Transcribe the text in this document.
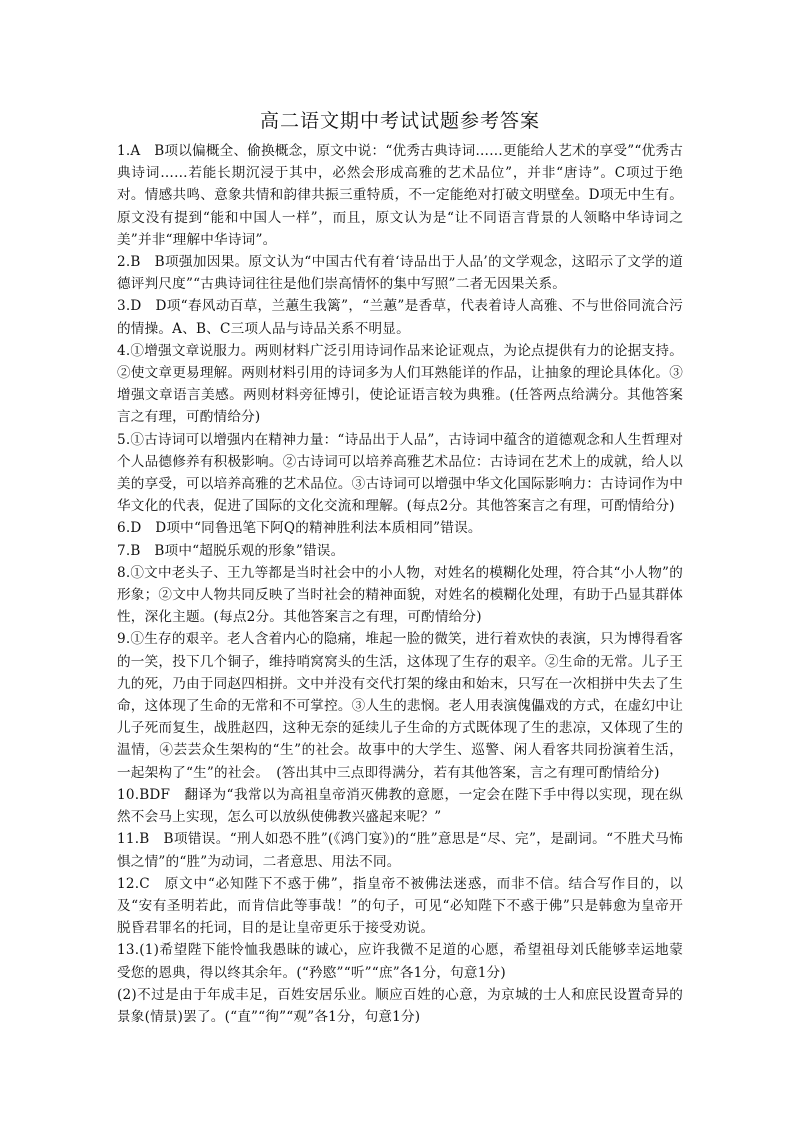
高二语文期中考试试题参考答案

1.A　B项以偏概全、偷换概念，原文中说：“优秀古典诗词……更能给人艺术的享受”“优秀古典诗词……若能长期沉浸于其中，必然会形成高雅的艺术品位”，并非“唐诗”。C项过于绝对。情感共鸣、意象共情和韵律共振三重特质，不一定能绝对打破文明壁垒。D项无中生有。原文没有提到“能和中国人一样”，而且，原文认为是“让不同语言背景的人领略中华诗词之美”并非“理解中华诗词”。

2.B　B项强加因果。原文认为“中国古代有着‘诗品出于人品’的文学观念，这昭示了文学的道德评判尺度”“古典诗词往往是他们崇高情怀的集中写照”二者无因果关系。

3.D　D项“春风动百草，兰蕙生我篱”，“兰蕙”是香草，代表着诗人高雅、不与世俗同流合污的情操。A、B、C三项人品与诗品关系不明显。

4.①增强文章说服力。两则材料广泛引用诗词作品来论证观点，为论点提供有力的论据支持。②使文章更易理解。两则材料引用的诗词多为人们耳熟能详的作品，让抽象的理论具体化。③增强文章语言美感。两则材料旁征博引，使论证语言较为典雅。(任答两点给满分。其他答案言之有理，可酌情给分)

5.①古诗词可以增强内在精神力量：“诗品出于人品”，古诗词中蕴含的道德观念和人生哲理对个人品德修养有积极影响。②古诗词可以培养高雅艺术品位：古诗词在艺术上的成就，给人以美的享受，可以培养高雅的艺术品位。③古诗词可以增强中华文化国际影响力：古诗词作为中华文化的代表，促进了国际的文化交流和理解。(每点2分。其他答案言之有理，可酌情给分)

6.D　D项中“同鲁迅笔下阿Q的精神胜利法本质相同”错误。

7.B　B项中“超脱乐观的形象”错误。

8.①文中老头子、王九等都是当时社会中的小人物，对姓名的模糊化处理，符合其“小人物”的形象；②文中人物共同反映了当时社会的精神面貌，对姓名的模糊化处理，有助于凸显其群体性，深化主题。(每点2分。其他答案言之有理，可酌情给分)

9.①生存的艰辛。老人含着内心的隐痛，堆起一脸的微笑，进行着欢快的表演，只为博得看客的一笑，投下几个铜子，维持哨窝窝头的生活，这体现了生存的艰辛。②生命的无常。儿子王九的死，乃由于同赵四相拼。文中并没有交代打架的缘由和始末，只写在一次相拼中失去了生命，这体现了生命的无常和不可掌控。③人生的悲悯。老人用表演傀儡戏的方式，在虚幻中让儿子死而复生，战胜赵四，这种无奈的延续儿子生命的方式既体现了生的悲凉，又体现了生的温情，④芸芸众生架构的“生”的社会。故事中的大学生、巡警、闲人看客共同扮演着生活，一起架构了“生”的社会。　(答出其中三点即得满分，若有其他答案，言之有理可酌情给分)

10.BDF　翻译为“我常以为高祖皇帝消灭佛教的意愿，一定会在陛下手中得以实现，现在纵然不会马上实现，怎么可以放纵使佛教兴盛起来呢？”

11.B　B项错误。“刑人如恐不胜”(《鸿门宴》)的“胜”意思是“尽、完”，是副词。“不胜犬马怖惧之情”的“胜”为动词，二者意思、用法不同。

12.C　原文中“必知陛下不惑于佛”，指皇帝不被佛法迷惑，而非不信。结合写作目的，以及“安有圣明若此，而肯信此等事哉！”的句子，可见“必知陛下不惑于佛”只是韩愈为皇帝开脱昏君罪名的托词，目的是让皇帝更乐于接受劝说。

13.(1)希望陛下能怜恤我愚昧的诚心，应许我微不足道的心愿，希望祖母刘氏能够幸运地蒙受您的恩典，得以终其余年。(“矜愍”“听”“庶”各1分，句意1分)

(2)不过是由于年成丰足，百姓安居乐业。顺应百姓的心意，为京城的士人和庶民设置奇异的景象(情景)罢了。(“直”“徇”“观”各1分，句意1分)
